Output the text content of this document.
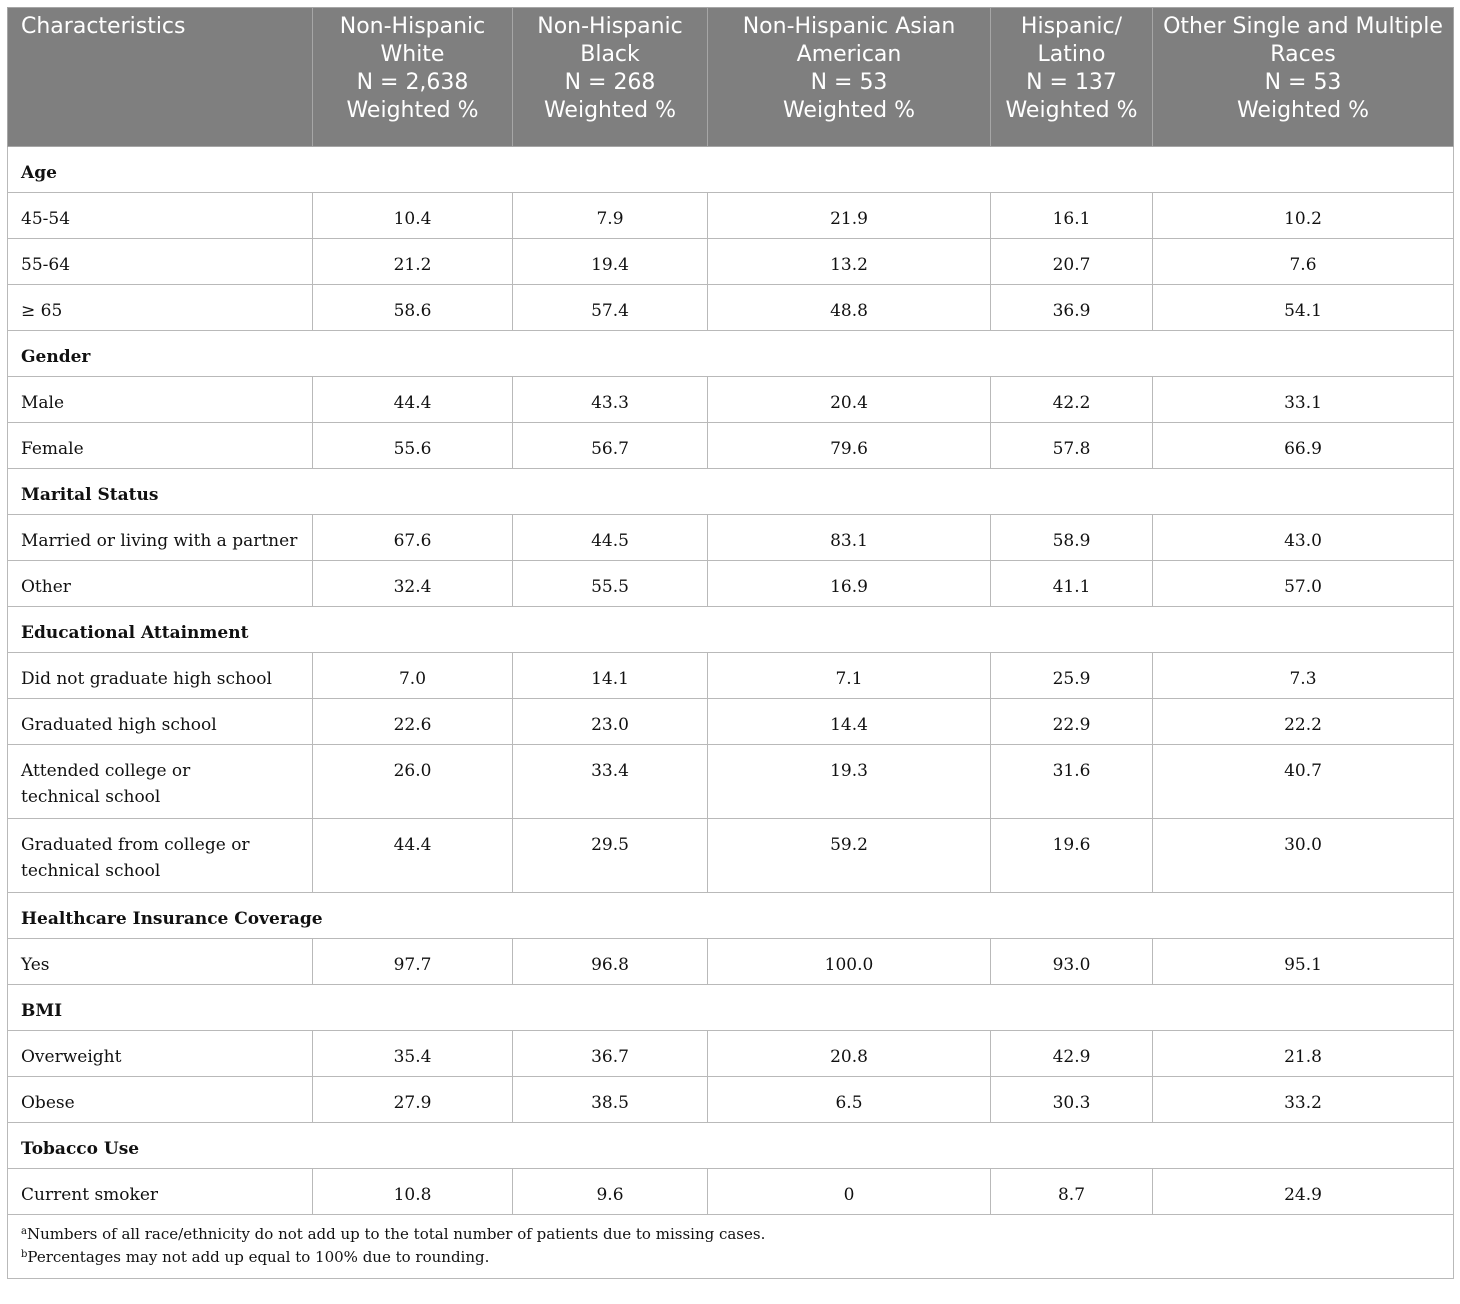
Characteristics	Non-Hispanic
White
N = 2,638
Weighted %	Non-Hispanic
Black
N = 268
Weighted %	Non-Hispanic Asian
American
N = 53
Weighted %	Hispanic/
Latino
N = 137
Weighted %	Other Single and Multiple
Races
N = 53
Weighted %

Age					
45-54	10.4	7.9	21.9	16.1	10.2
55-64	21.2	19.4	13.2	20.7	7.6
≥ 65	58.6	57.4	48.8	36.9	54.1
Gender					
Male	44.4	43.3	20.4	42.2	33.1
Female	55.6	56.7	79.6	57.8	66.9
Marital Status					
Married or living with a partner	67.6	44.5	83.1	58.9	43.0
Other	32.4	55.5	16.9	41.1	57.0
Educational Attainment					
Did not graduate high school	7.0	14.1	7.1	25.9	7.3
Graduated high school	22.6	23.0	14.4	22.9	22.2
Attended college or technical school	26.0	33.4	19.3	31.6	40.7
Graduated from college or technical school	44.4	29.5	59.2	19.6	30.0
Healthcare Insurance Coverage					
Yes	97.7	96.8	100.0	93.0	95.1
BMI					
Overweight	35.4	36.7	20.8	42.9	21.8
Obese	27.9	38.5	6.5	30.3	33.2
Tobacco Use					
Current smoker	10.8	9.6	0	8.7	24.9

$^a$Numbers of all race/ethnicity do not add up to the total number of patients due to missing cases.
$^b$Percentages may not add up equal to 100% due to rounding.					
